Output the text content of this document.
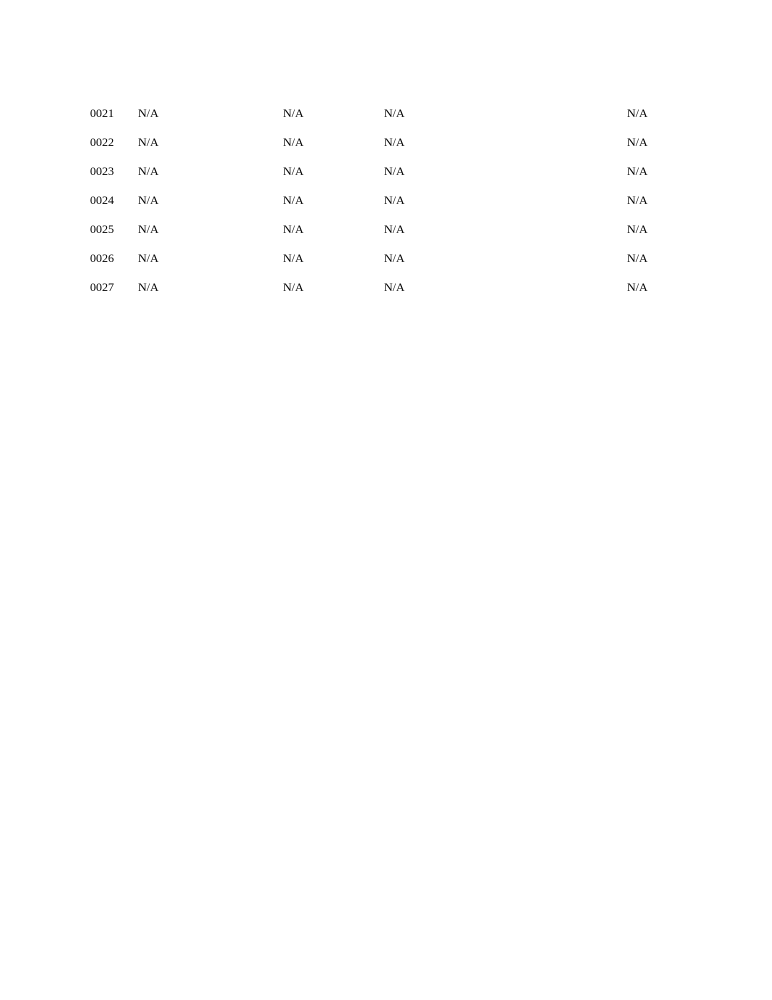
0021 N/A	N/A	N/A	N/A
0022 N/A	N/A	N/A	N/A
0023 N/A	N/A	N/A	N/A
0024 N/A	N/A	N/A	N/A
0025 N/A	N/A	N/A	N/A
0026 N/A	N/A	N/A	N/A
0027 N/A	N/A	N/A	N/A
